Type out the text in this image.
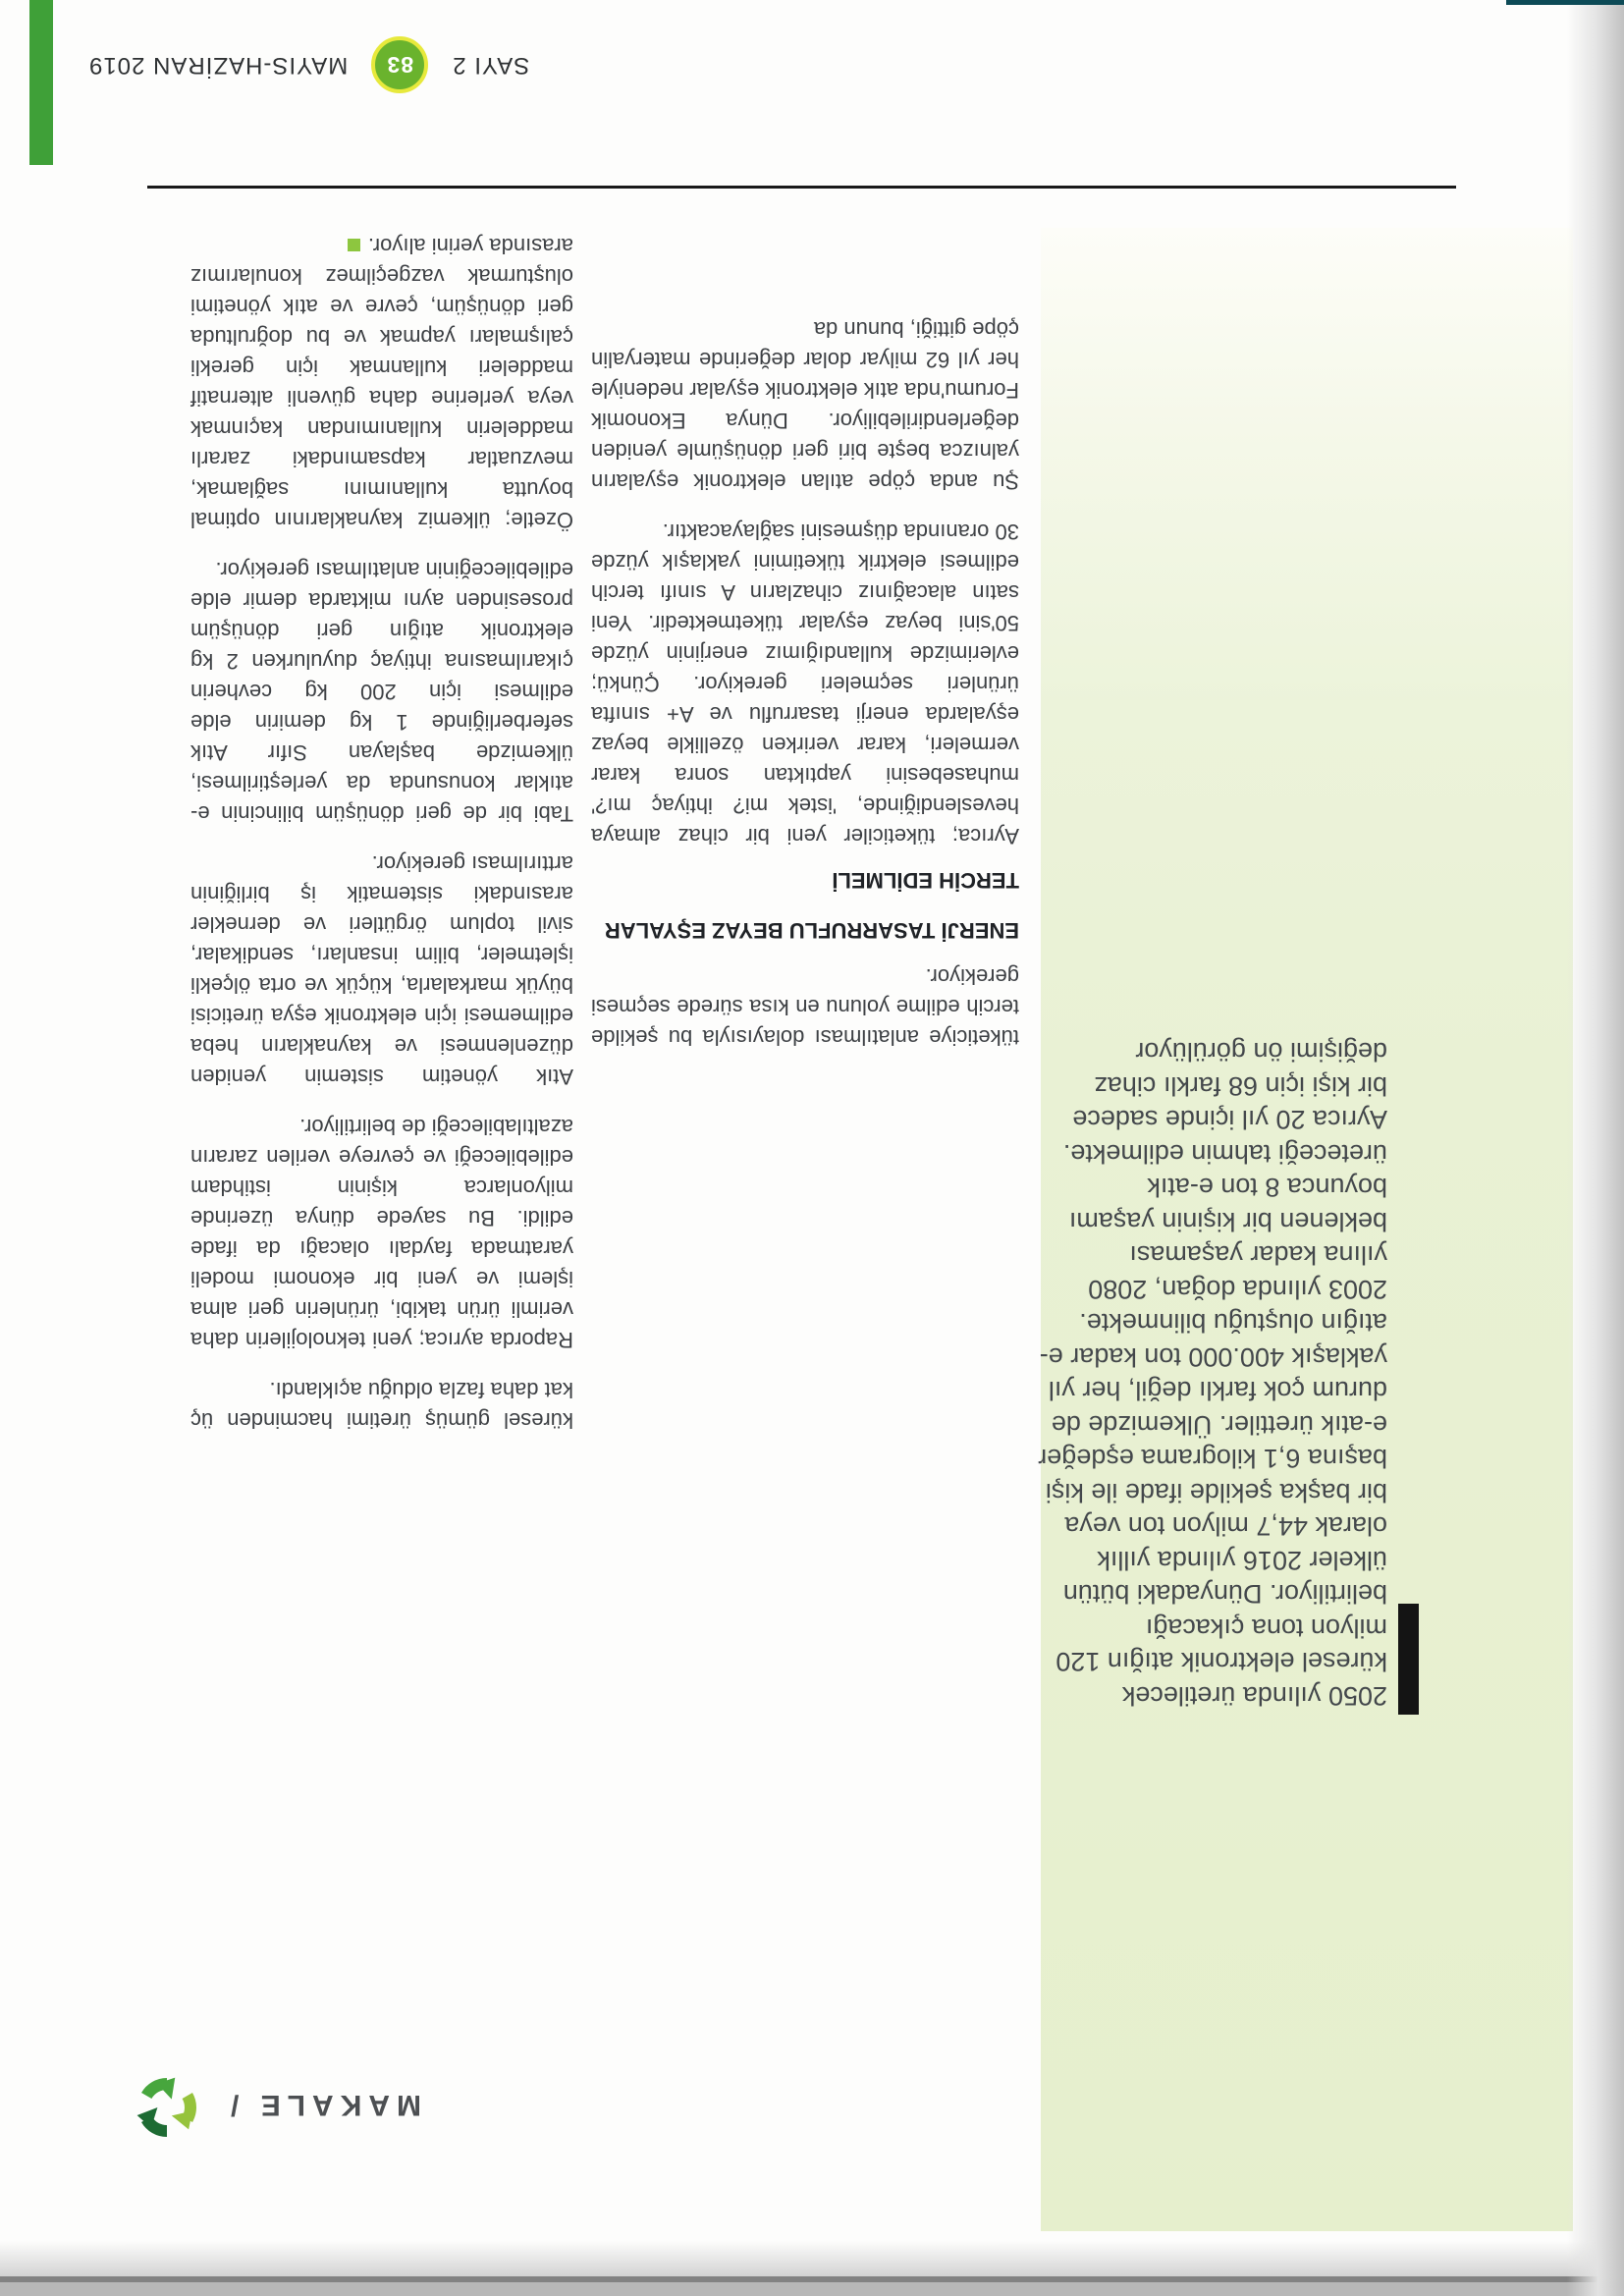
2050 yılında üretilecek küresel elektronik atığın 120 milyon tona çıkacağı belirtiliyor. Dünyadaki bütün ülkeler 2016 yılında yıllık olarak 44,7 milyon ton veya bir başka şekilde ifade ile kişi başına 6,1 kilograma eşdeğer e-atık ürettiler. Ülkemizde de durum çok farklı değil, her yıl yaklaşık 400.000 ton kadar e-atığın oluştuğu bilinmekte. 2003 yılında doğan, 2080 yılına kadar yaşaması beklenen bir kişinin yaşamı boyunca 8 ton e-atık üreteceği tahmin edilmekte. Ayrıca 20 yıl içinde sadece bir kişi için 68 farklı cihaz değişimi ön görülüyor

tüketiciye anlatılması dolayısıyla bu şekilde tercih edilme yolunu en kısa sürede seçmesi gerekiyor.

ENERJİ TASARRUFLU BEYAZ EŞYALAR

TERCİH EDİLMELİ

Ayrıca; tüketiciler yeni bir cihaz almaya heveslendiğinde, 'istek mi? ihtiyaç mı?' muhasebesini yaptıktan sonra karar vermeleri, karar verirken özellikle beyaz eşyalarda enerji tasarruflu ve A+ sınıfta ürünleri seçmeleri gerekiyor. Çünkü; evlerimizde kullandığımız enerjinin yüzde 50'sini beyaz eşyalar tüketmektedir. Yeni satın alacağınız cihazların A sınıfı tercih edilmesi elektrik tüketimini yaklaşık yüzde 30 oranında düşmesini sağlayacaktır.

Şu anda çöpe atılan elektronik eşyaların yalnızca beşte biri geri dönüşümle yeniden değerlendirilebiliyor. Dünya Ekonomik Forumu'nda atık elektronik eşyalar nedeniyle her yıl 62 milyar dolar değerinde materyalin çöpe gittiği, bunun da

küresel gümüş üretimi hacminden üç kat daha fazla olduğu açıklandı.

Raporda ayrıca; yeni teknolojilerin daha verimli ürün takibi, ürünlerin geri alma işlemi ve yeni bir ekonomi modeli yaratmada faydalı olacağı da ifade edildi. Bu sayede dünya üzerinde milyonlarca kişinin istihdam edilebileceği ve çevreye verilen zararın azaltılabileceği de belirtiliyor.

Atık yönetim sistemin yeniden düzenlenmesi ve kaynakların heba edilmemesi için elektronik eşya üreticisi büyük markalarla, küçük ve orta ölçekli işletmeler, bilim insanları, sendikalar, sivil toplum örgütleri ve dernekler arasındaki sistematik iş birliğinin arttırılması gerekiyor.

Tabi bir de geri dönüşüm bilincinin e-atıklar konusunda da yerleştirilmesi, ülkemizde başlayan Sıfır Atık seferberliğinde 1 kg demirin elde edilmesi için 200 kg cevherin çıkarılmasına ihtiyaç duyulurken 2 kg elektronik atığın geri dönüşüm prosesinden aynı miktarda demir elde edilebileceğinin anlatılması gerekiyor.

Özetle; ülkemiz kaynaklarının optimal boyutta kullanımını sağlamak, mevzuatlar kapsamındaki zararlı maddelerin kullanımından kaçınmak veya yerlerine daha güvenli alternatif maddeleri kullanmak için gerekli çalışmaları yapmak ve bu doğrultuda geri dönüşüm, çevre ve atık yönetimi oluşturmak vazgeçilmez konularımız arasında yerini alıyor.

MAKALE /
SAYI 2
83
MAYIS-HAZİRAN 2019
